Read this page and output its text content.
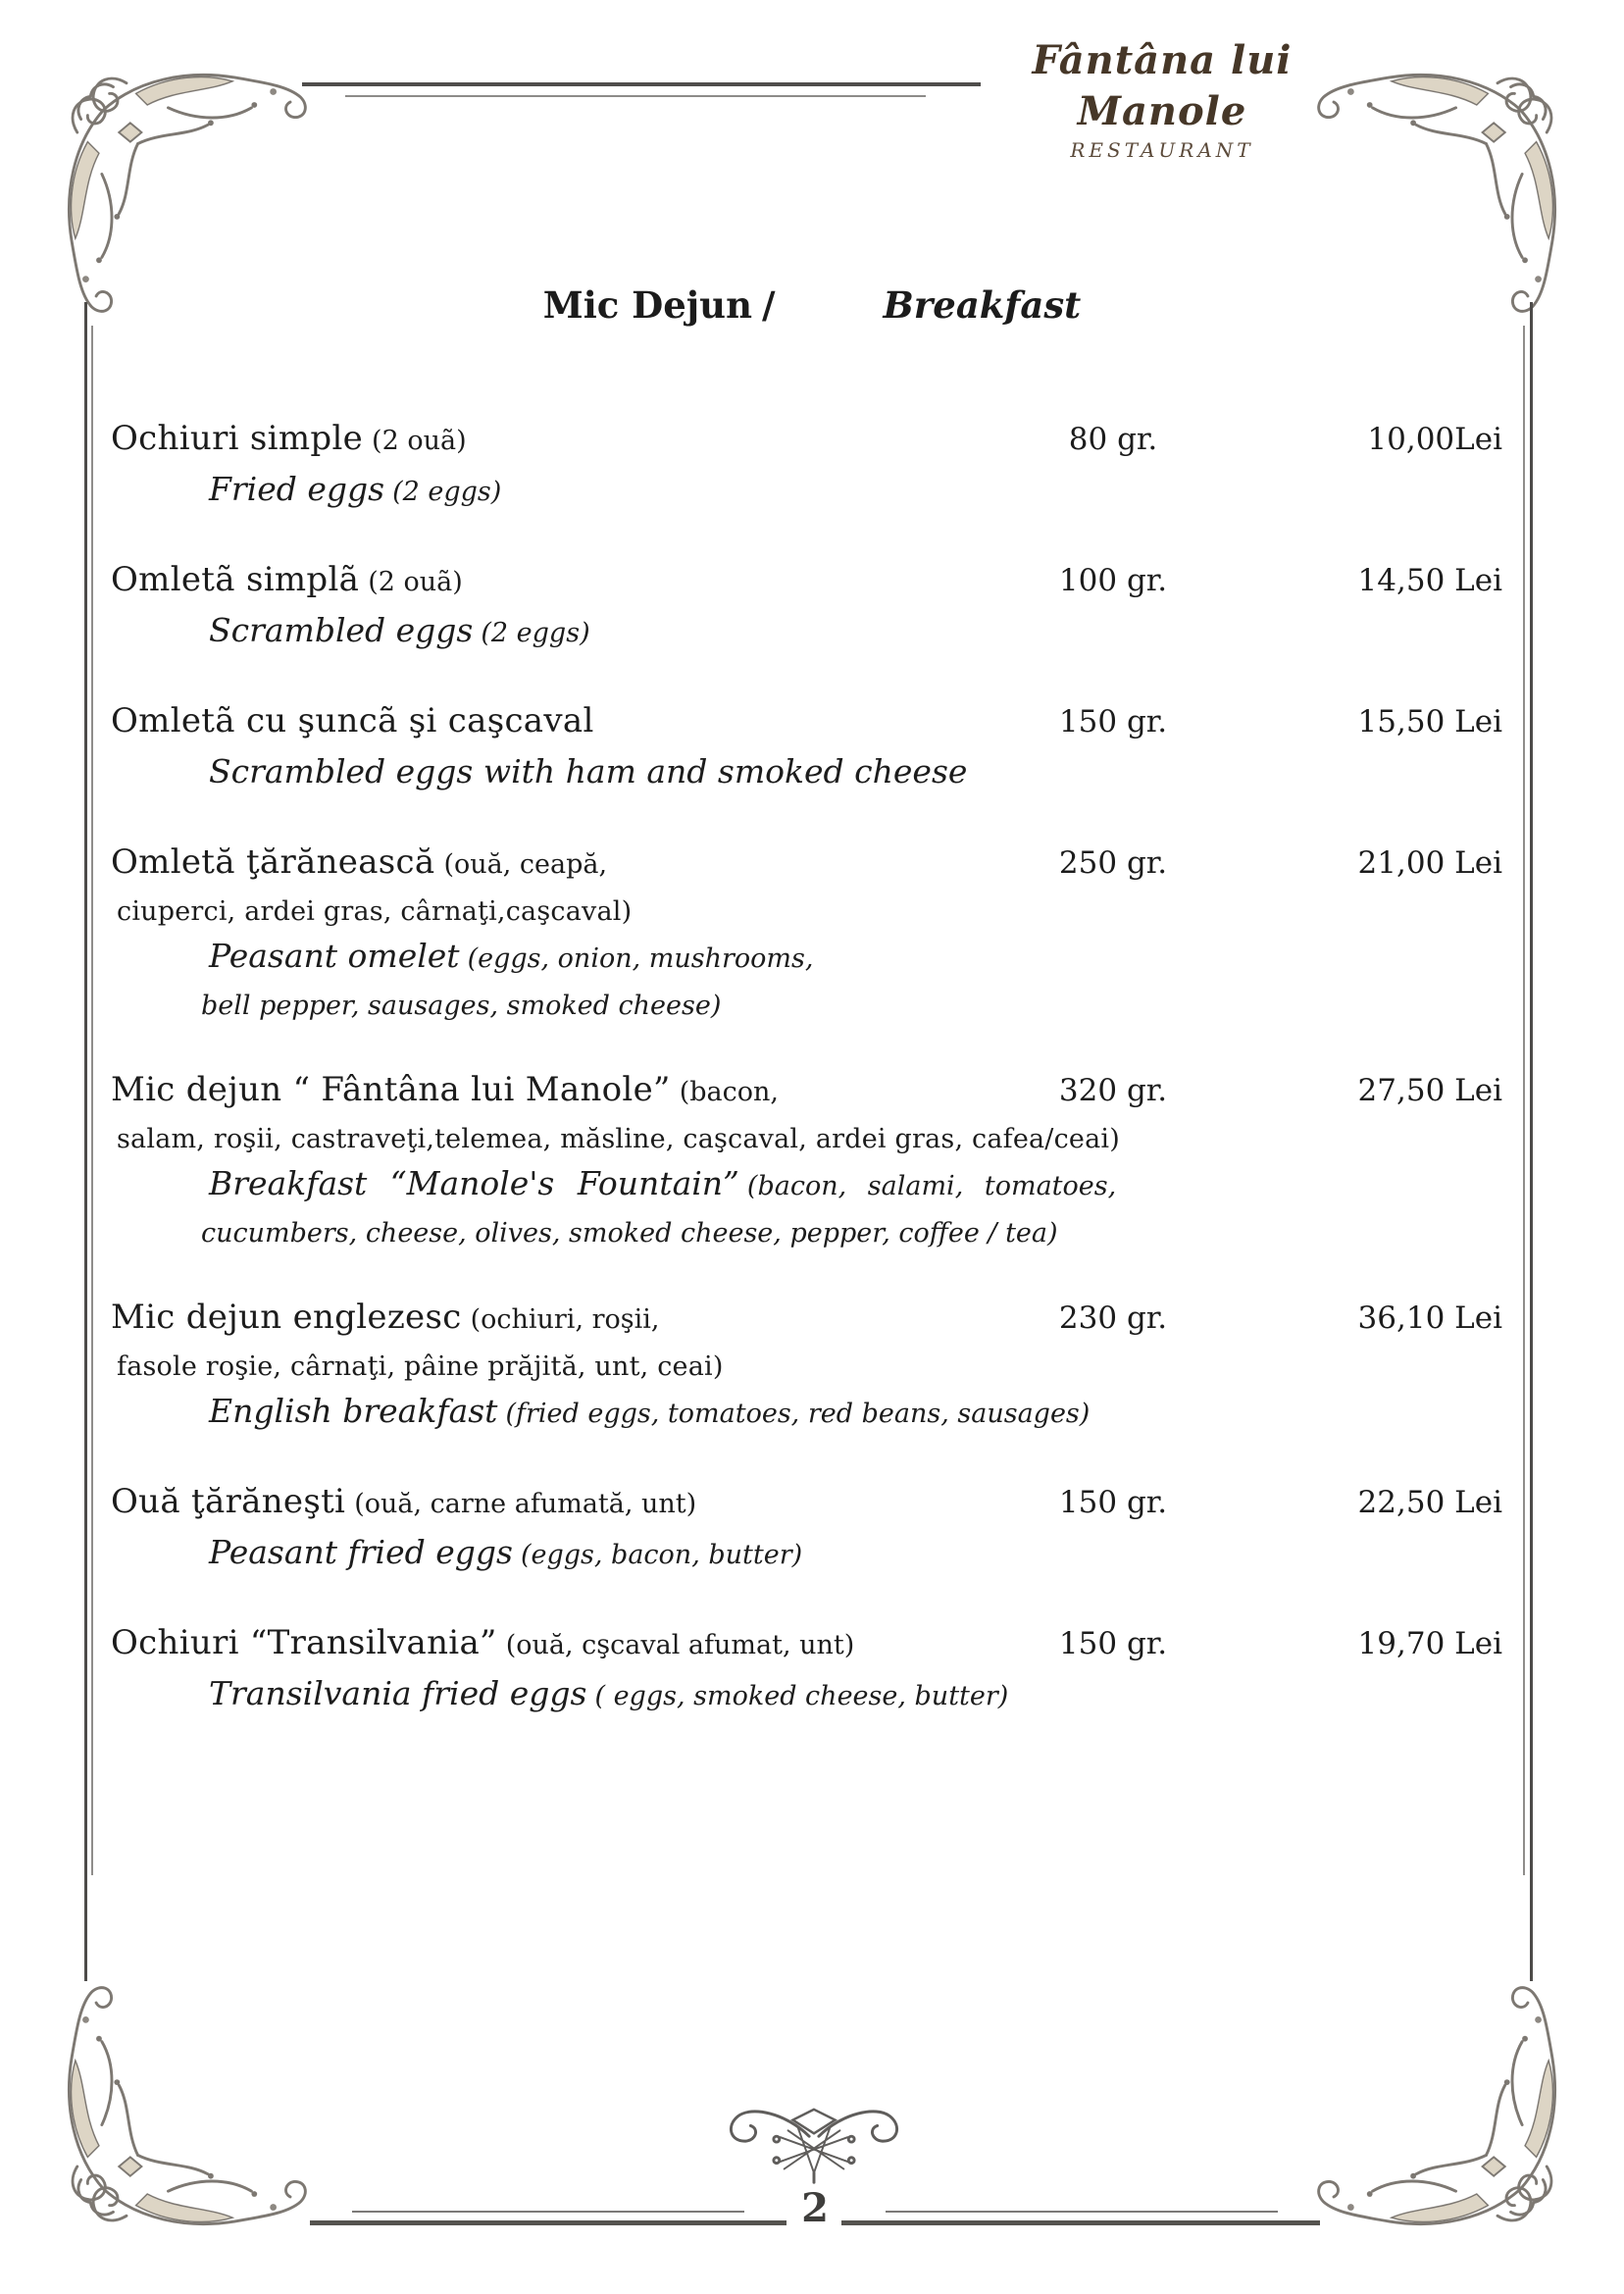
Fântâna lui Manole
RESTAURANT
Mic Dejun /	Breakfast
Ochiuri simple (2 ouã)	80 gr.	10,00Lei
Fried eggs (2 eggs)
Omletã simplã (2 ouã)	100 gr.	14,50 Lei
Scrambled eggs (2 eggs)
Omletã cu şuncã şi caşcaval	150 gr.	15,50 Lei
Scrambled eggs with ham and smoked cheese
Omletă ţărănească (ouă, ceapă,	250 gr.	21,00 Lei
ciuperci, ardei gras, cârnaţi,caşcaval)
Peasant omelet (eggs, onion, mushrooms,
bell pepper, sausages, smoked cheese)
Mic dejun “ Fântâna lui Manole” (bacon,	320 gr.	27,50 Lei
salam, roşii, castraveţi,telemea, măsline, caşcaval, ardei gras, cafea/ceai)
Breakfast “Manole's Fountain” (bacon, salami, tomatoes,
cucumbers, cheese, olives, smoked cheese, pepper, coffee / tea)
Mic dejun englezesc (ochiuri, roşii,	230 gr.	36,10 Lei
fasole roşie, cârnaţi, pâine prăjită, unt, ceai)
English breakfast (fried eggs, tomatoes, red beans, sausages)
Ouă ţărăneşti (ouă, carne afumată, unt)	150 gr.	22,50 Lei
Peasant fried eggs (eggs, bacon, butter)
Ochiuri “Transilvania” (ouă, cşcaval afumat, unt)	150 gr.	19,70 Lei
Transilvania fried eggs ( eggs, smoked cheese, butter)
2
